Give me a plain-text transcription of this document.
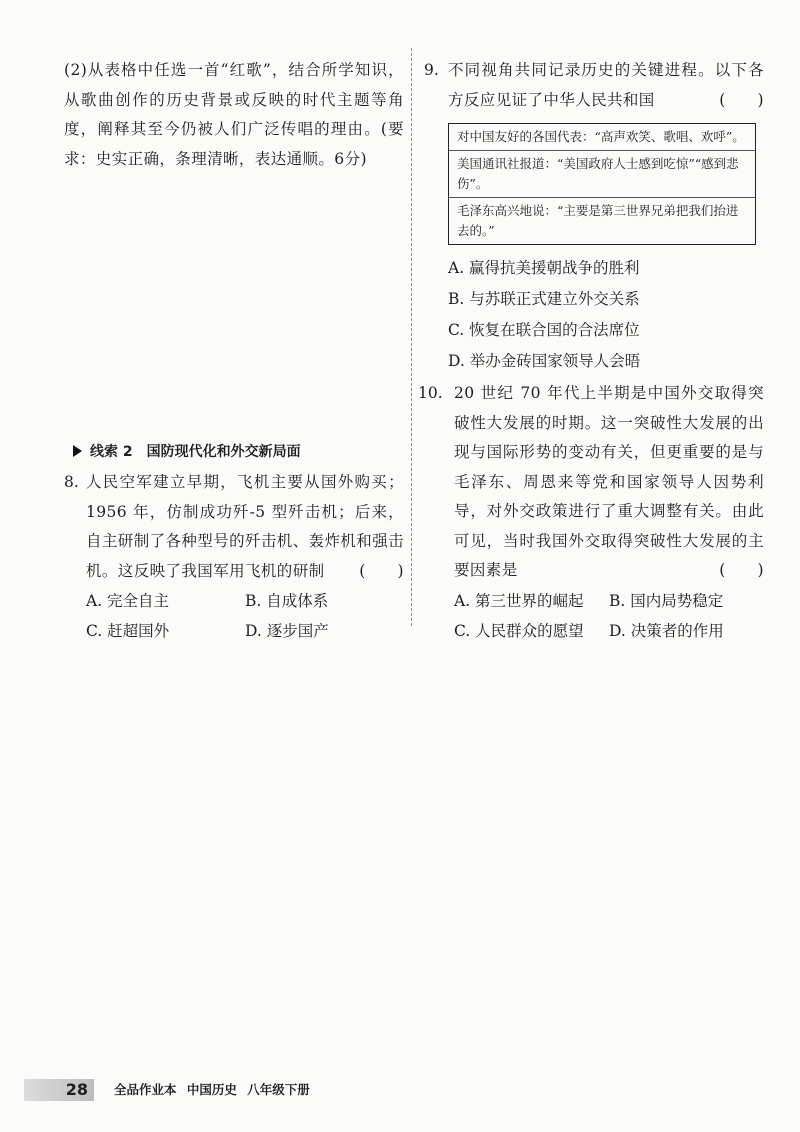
(2)从表格中任选一首“红歌”，结合所学知识，从歌曲创作的历史背景或反映的时代主题等角度，阐释其至今仍被人们广泛传唱的理由。(要求：史实正确，条理清晰，表达通顺。6分)
线索 2 国防现代化和外交新局面
8. 人民空军建立早期，飞机主要从国外购买；1956 年，仿制成功歼-5 型歼击机；后来，自主研制了各种型号的歼击机、轰炸机和强击机。这反映了我国军用飞机的研制 (　　)
A. 完全自主	B. 自成体系
C. 赶超国外	D. 逐步国产
9. 不同视角共同记录历史的关键进程。以下各方反应见证了中华人民共和国	(　　)
对中国友好的各国代表：“高声欢笑、歌唱、欢呼”。
美国通讯社报道：“美国政府人士感到吃惊”“感到悲伤”。
毛泽东高兴地说：“主要是第三世界兄弟把我们抬进去的。”
A. 赢得抗美援朝战争的胜利
B. 与苏联正式建立外交关系
C. 恢复在联合国的合法席位
D. 举办金砖国家领导人会晤
10. 20 世纪 70 年代上半期是中国外交取得突破性大发展的时期。这一突破性大发展的出现与国际形势的变动有关，但更重要的是与毛泽东、周恩来等党和国家领导人因势利导，对外交政策进行了重大调整有关。由此可见，当时我国外交取得突破性大发展的主要因素是	(　　)
A. 第三世界的崛起	B. 国内局势稳定
C. 人民群众的愿望	D. 决策者的作用
28	全品作业本 中国历史 八年级下册
